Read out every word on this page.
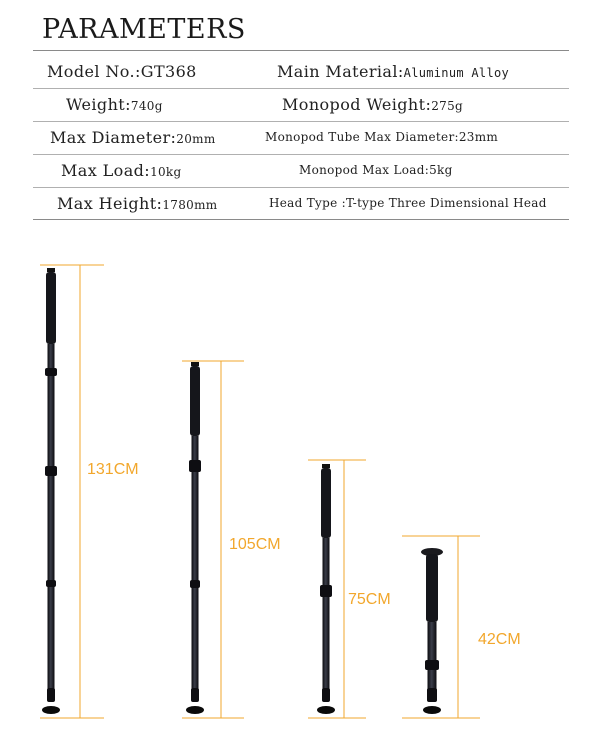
PARAMETERS
Model No.:GT368	Main Material:Aluminum Alloy
Weight:740g	Monopod Weight:275g
Max Diameter:20mm	Monopod Tube Max Diameter:23mm
Max Load:10kg	Monopod Max Load:5kg
Max Height:1780mm	Head Type :T-type Three Dimensional Head
131CM
105CM
75CM
42CM
